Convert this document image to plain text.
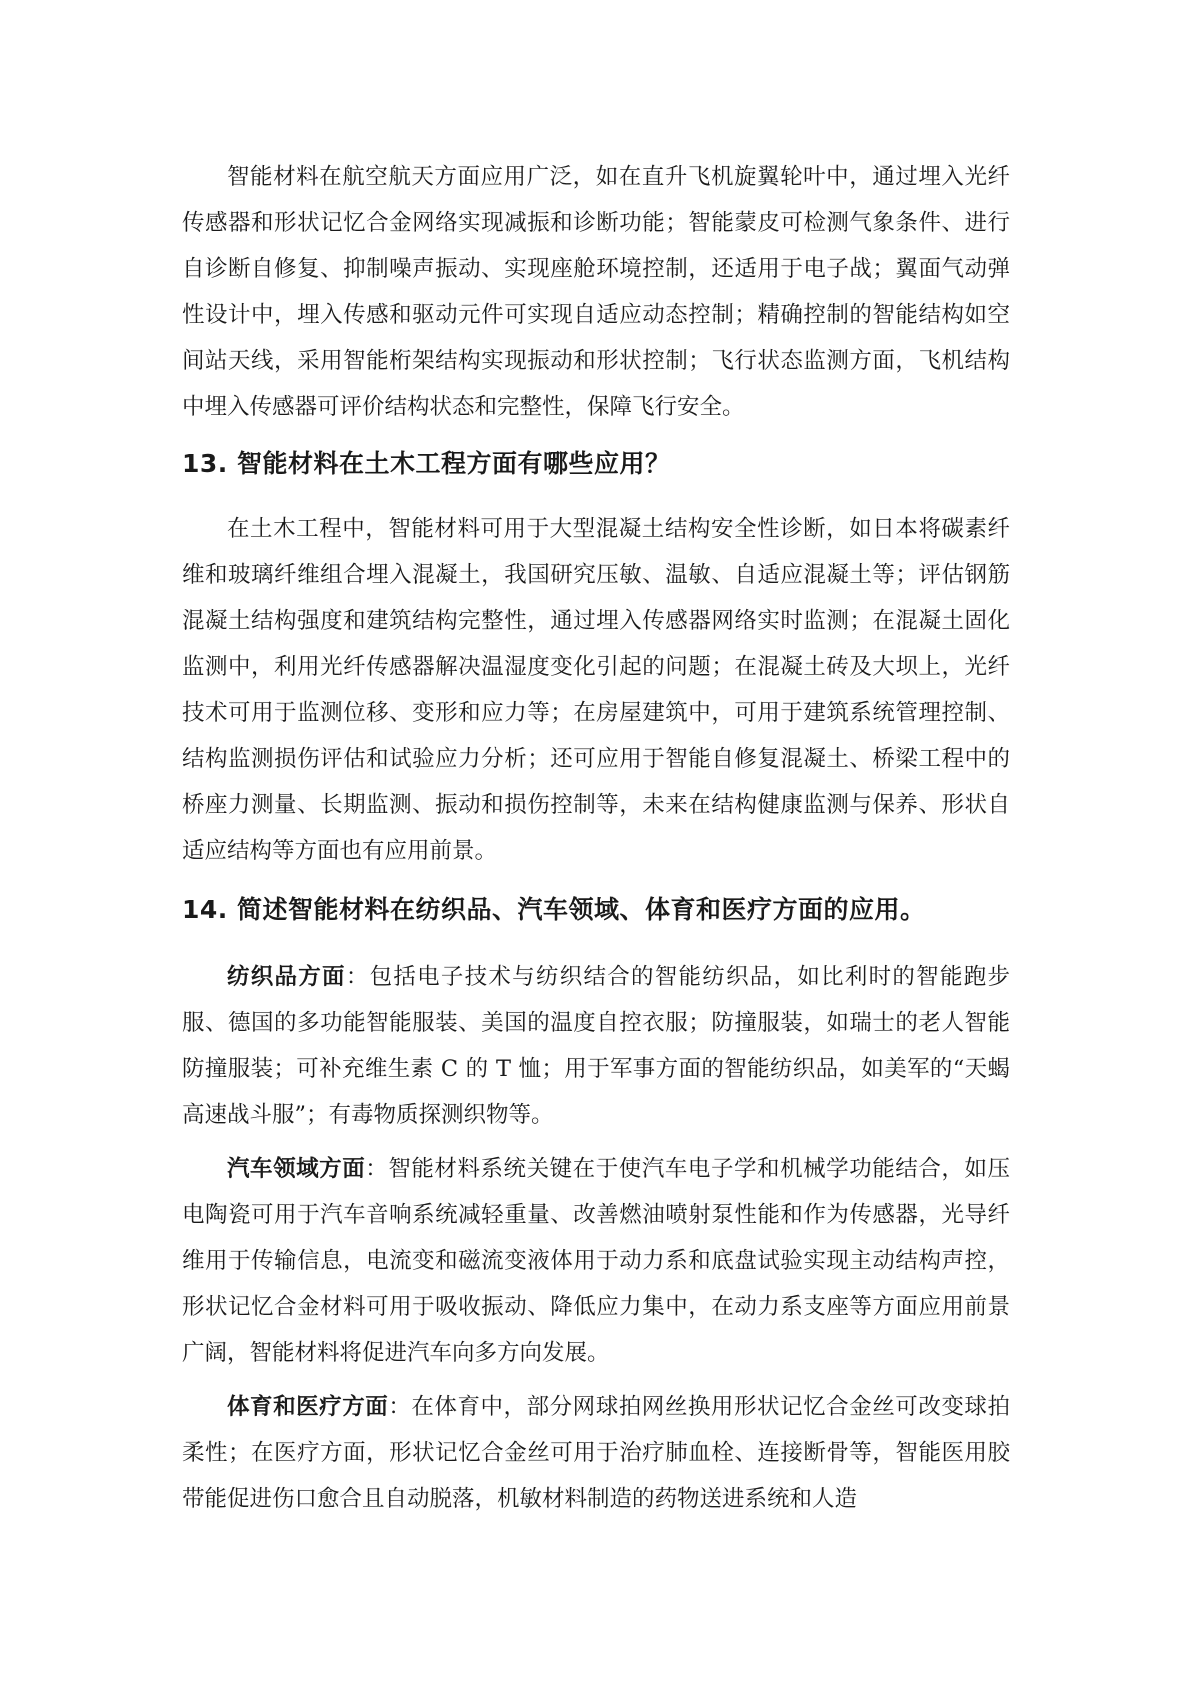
智能材料在航空航天方面应用广泛，如在直升飞机旋翼轮叶中，通过埋入光纤传感器和形状记忆合金网络实现减振和诊断功能；智能蒙皮可检测气象条件、进行自诊断自修复、抑制噪声振动、实现座舱环境控制，还适用于电子战；翼面气动弹性设计中，埋入传感和驱动元件可实现自适应动态控制；精确控制的智能结构如空间站天线，采用智能桁架结构实现振动和形状控制；飞行状态监测方面，飞机结构中埋入传感器可评价结构状态和完整性，保障飞行安全。

13. 智能材料在土木工程方面有哪些应用？

在土木工程中，智能材料可用于大型混凝土结构安全性诊断，如日本将碳素纤维和玻璃纤维组合埋入混凝土，我国研究压敏、温敏、自适应混凝土等；评估钢筋混凝土结构强度和建筑结构完整性，通过埋入传感器网络实时监测；在混凝土固化监测中，利用光纤传感器解决温湿度变化引起的问题；在混凝土砖及大坝上，光纤技术可用于监测位移、变形和应力等；在房屋建筑中，可用于建筑系统管理控制、结构监测损伤评估和试验应力分析；还可应用于智能自修复混凝土、桥梁工程中的桥座力测量、长期监测、振动和损伤控制等，未来在结构健康监测与保养、形状自适应结构等方面也有应用前景。

14. 简述智能材料在纺织品、汽车领域、体育和医疗方面的应用。

纺织品方面：包括电子技术与纺织结合的智能纺织品，如比利时的智能跑步服、德国的多功能智能服装、美国的温度自控衣服；防撞服装，如瑞士的老人智能防撞服装；可补充维生素 C 的 T 恤；用于军事方面的智能纺织品，如美军的“天蝎高速战斗服”；有毒物质探测织物等。

汽车领域方面：智能材料系统关键在于使汽车电子学和机械学功能结合，如压电陶瓷可用于汽车音响系统减轻重量、改善燃油喷射泵性能和作为传感器，光导纤维用于传输信息，电流变和磁流变液体用于动力系和底盘试验实现主动结构声控，形状记忆合金材料可用于吸收振动、降低应力集中，在动力系支座等方面应用前景广阔，智能材料将促进汽车向多方向发展。

体育和医疗方面：在体育中，部分网球拍网丝换用形状记忆合金丝可改变球拍柔性；在医疗方面，形状记忆合金丝可用于治疗肺血栓、连接断骨等，智能医用胶带能促进伤口愈合且自动脱落，机敏材料制造的药物送进系统和人造
